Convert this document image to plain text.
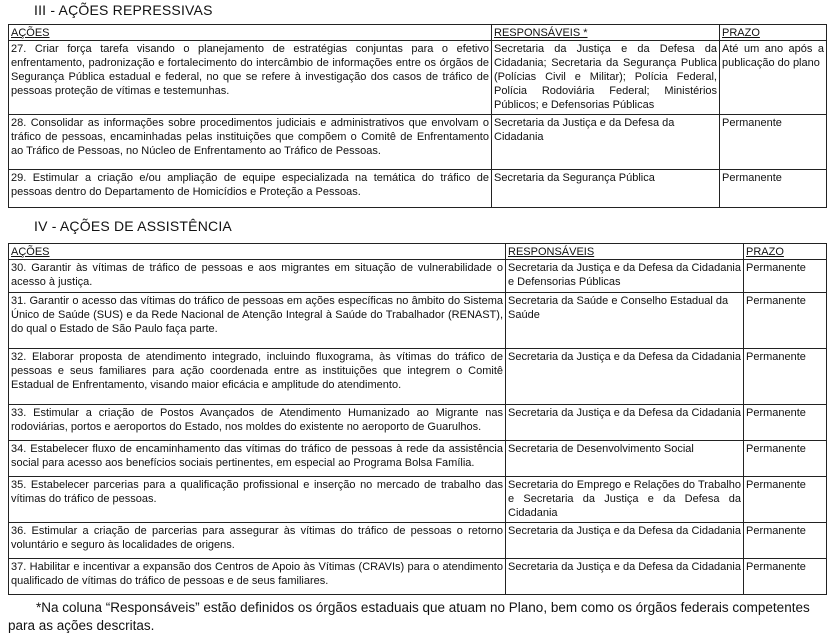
III - AÇÕES REPRESSIVAS
AÇÕES	RESPONSÁVEIS *	PRAZO
27. Criar força tarefa visando o planejamento de estratégias conjuntas para o efetivo enfrentamento, padronização e fortalecimento do intercâmbio de informações entre os órgãos de Segurança Pública estadual e federal, no que se refere à investigação dos casos de tráfico de pessoas proteção de vítimas e testemunhas.	Secretaria da Justiça e da Defesa da Cidadania; Secretaria da Segurança Publica (Polícias Civil e Militar); Polícia Federal, Polícia Rodoviária Federal; Ministérios Públicos; e Defensorias Públicas	Até um ano após a publicação do plano
28. Consolidar as informações sobre procedimentos judiciais e administrativos que envolvam o tráfico de pessoas, encaminhadas pelas instituições que compõem o Comitê de Enfrentamento ao Tráfico de Pessoas, no Núcleo de Enfrentamento ao Tráfico de Pessoas.	Secretaria da Justiça e da Defesa da Cidadania	Permanente
29. Estimular a criação e/ou ampliação de equipe especializada na temática do tráfico de pessoas dentro do Departamento de Homicídios e Proteção a Pessoas.	Secretaria da Segurança Pública	Permanente
IV - AÇÕES DE ASSISTÊNCIA
AÇÕES	RESPONSÁVEIS	PRAZO
30. Garantir às vítimas de tráfico de pessoas e aos migrantes em situação de vulnerabilidade o acesso à justiça.	Secretaria da Justiça e da Defesa da Cidadania e Defensorias Públicas	Permanente
31. Garantir o acesso das vítimas do tráfico de pessoas em ações específicas no âmbito do Sistema Único de Saúde (SUS) e da Rede Nacional de Atenção Integral à Saúde do Trabalhador (RENAST), do qual o Estado de São Paulo faça parte.	Secretaria da Saúde e Conselho Estadual da Saúde	Permanente
32. Elaborar proposta de atendimento integrado, incluindo fluxograma, às vítimas do tráfico de pessoas e seus familiares para ação coordenada entre as instituições que integrem o Comitê Estadual de Enfrentamento, visando maior eficácia e amplitude do atendimento.	Secretaria da Justiça e da Defesa da Cidadania	Permanente
33. Estimular a criação de Postos Avançados de Atendimento Humanizado ao Migrante nas rodoviárias, portos e aeroportos do Estado, nos moldes do existente no aeroporto de Guarulhos.	Secretaria da Justiça e da Defesa da Cidadania	Permanente
34. Estabelecer fluxo de encaminhamento das vítimas do tráfico de pessoas à rede da assistência social para acesso aos benefícios sociais pertinentes, em especial ao Programa Bolsa Família.	Secretaria de Desenvolvimento Social	Permanente
35. Estabelecer parcerias para a qualificação profissional e inserção no mercado de trabalho das vítimas do tráfico de pessoas.	Secretaria do Emprego e Relações do Trabalho e Secretaria da Justiça e da Defesa da Cidadania	Permanente
36. Estimular a criação de parcerias para assegurar às vítimas do tráfico de pessoas o retorno voluntário e seguro às localidades de origens.	Secretaria da Justiça e da Defesa da Cidadania	Permanente
37. Habilitar e incentivar a expansão dos Centros de Apoio às Vítimas (CRAVIs) para o atendimento qualificado de vítimas do tráfico de pessoas e de seus familiares.	Secretaria da Justiça e da Defesa da Cidadania	Permanente
*Na coluna “Responsáveis” estão definidos os órgãos estaduais que atuam no Plano, bem como os órgãos federais competentes para as ações descritas.
